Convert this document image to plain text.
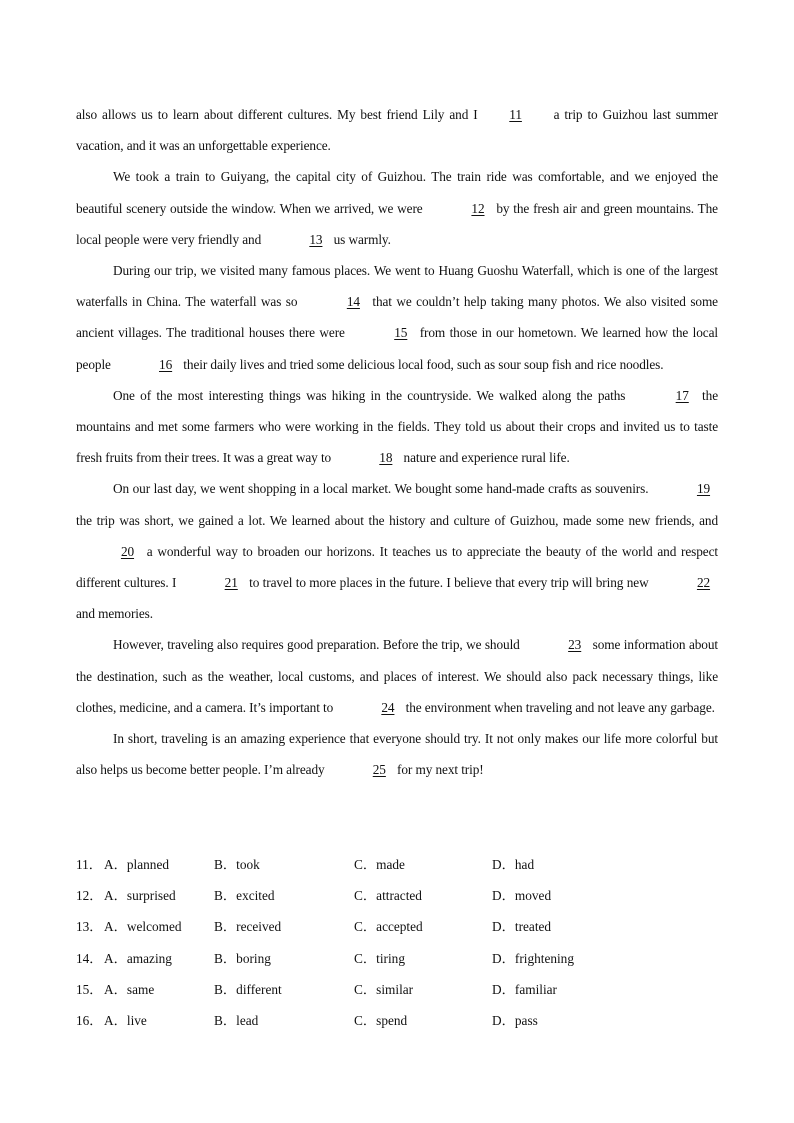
also allows us to learn about different cultures. My best friend Lily and I 11 a trip to Guizhou last summer vacation, and it was an unforgettable experience.

We took a train to Guiyang, the capital city of Guizhou. The train ride was comfortable, and we enjoyed the beautiful scenery outside the window. When we arrived, we were	12 by the fresh air and green mountains. The local people were very friendly and	13 us warmly.

During our trip, we visited many famous places. We went to Huang Guoshu Waterfall, which is one of the largest waterfalls in China. The waterfall was so	14 that we couldn’t help taking many photos. We also visited some ancient villages. The traditional houses there were	15 from those in our hometown. We learned how the local people	16 their daily lives and tried some delicious local food, such as sour soup fish and rice noodles.

One of the most interesting things was hiking in the countryside. We walked along the paths	17 the mountains and met some farmers who were working in the fields. They told us about their crops and invited us to taste fresh fruits from their trees. It was a great way to	18 nature and experience rural life.

On our last day, we went shopping in a local market. We bought some hand-made crafts as souvenirs.	19 the trip was short, we gained a lot. We learned about the history and culture of Guizhou, made some new friends, and 20 a wonderful way to broaden our horizons. It teaches us to appreciate the beauty of the world and respect different cultures. I	21 to travel to more places in the future. I believe that every trip will bring new	22 and memories.

However, traveling also requires good preparation. Before the trip, we should	23 some information about the destination, such as the weather, local customs, and places of interest. We should also pack necessary things, like clothes, medicine, and a camera. It’s important to	24 the environment when traveling and not leave any garbage.

In short, traveling is an amazing experience that everyone should try. It not only makes our life more colorful but also helps us become better people. I’m already	25 for my next trip!

11． A．planned	B．took	C．made	D．had
12． A．surprised	B．excited	C．attracted	D．moved
13． A．welcomed	B．received	C．accepted	D．treated
14． A．amazing	B．boring	C．tiring	D．frightening
15． A．same	B．different	C．similar	D．familiar
16． A．live	B．lead	C．spend	D．pass
